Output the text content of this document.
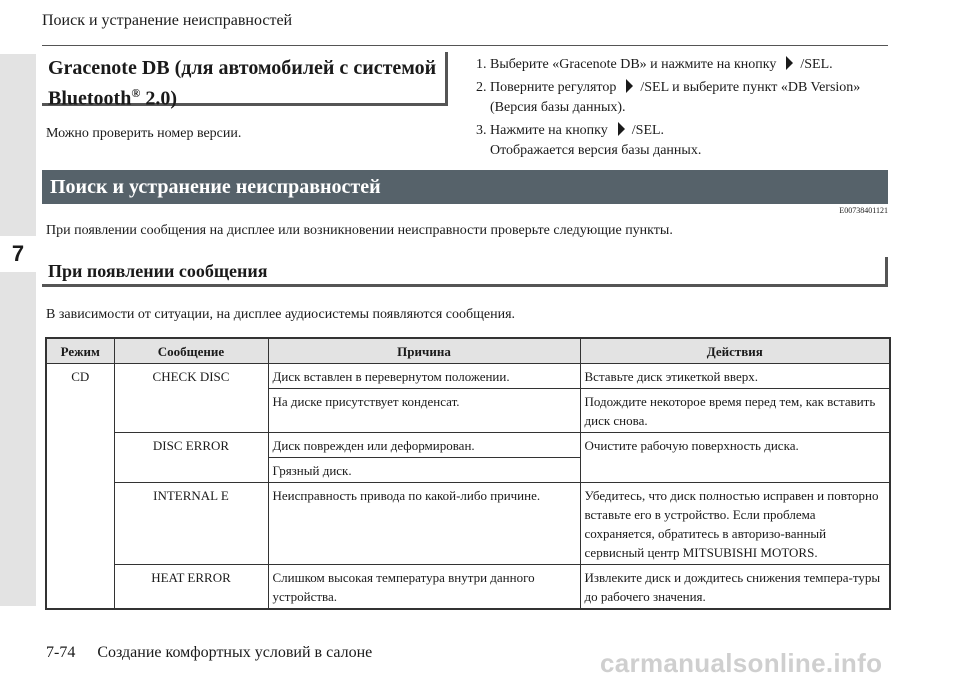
7
Поиск и устранение неисправностей
Gracenote DB (для автомобилей с системой
Bluetooth® 2.0)
Можно проверить номер версии.
1. Выберите «Gracenote DB» и нажмите на кнопку /SEL.
2. Поверните регулятор /SEL и выберите пункт «DB Version»
(Версия базы данных).
3. Нажмите на кнопку /SEL.
Отображается версия базы данных.
Поиск и устранение неисправностей
E00738401121
При появлении сообщения на дисплее или возникновении неисправности проверьте следующие пункты.
При появлении сообщения
В зависимости от ситуации, на дисплее аудиосистемы появляются сообщения.
Режим	Сообщение	Причина	Действия
CD	CHECK DISC	Диск вставлен в перевернутом положении.	Вставьте диск этикеткой вверх.
		На диске присутствует конденсат.	Подождите некоторое время перед тем, как вставить диск снова.
	DISC ERROR	Диск поврежден или деформирован.	Очистите рабочую поверхность диска.
		Грязный диск.	
	INTERNAL E	Неисправность привода по какой-либо причине.	Убедитесь, что диск полностью исправен и повторно вставьте его в устройство. Если проблема сохраняется, обратитесь в авторизо-ванный сервисный центр MITSUBISHI MOTORS.
	HEAT ERROR	Слишком высокая температура внутри данного устройства.	Извлеките диск и дождитесь снижения темпера-туры до рабочего значения.
7-74 Создание комфортных условий в салоне	carmanualsonline.info
